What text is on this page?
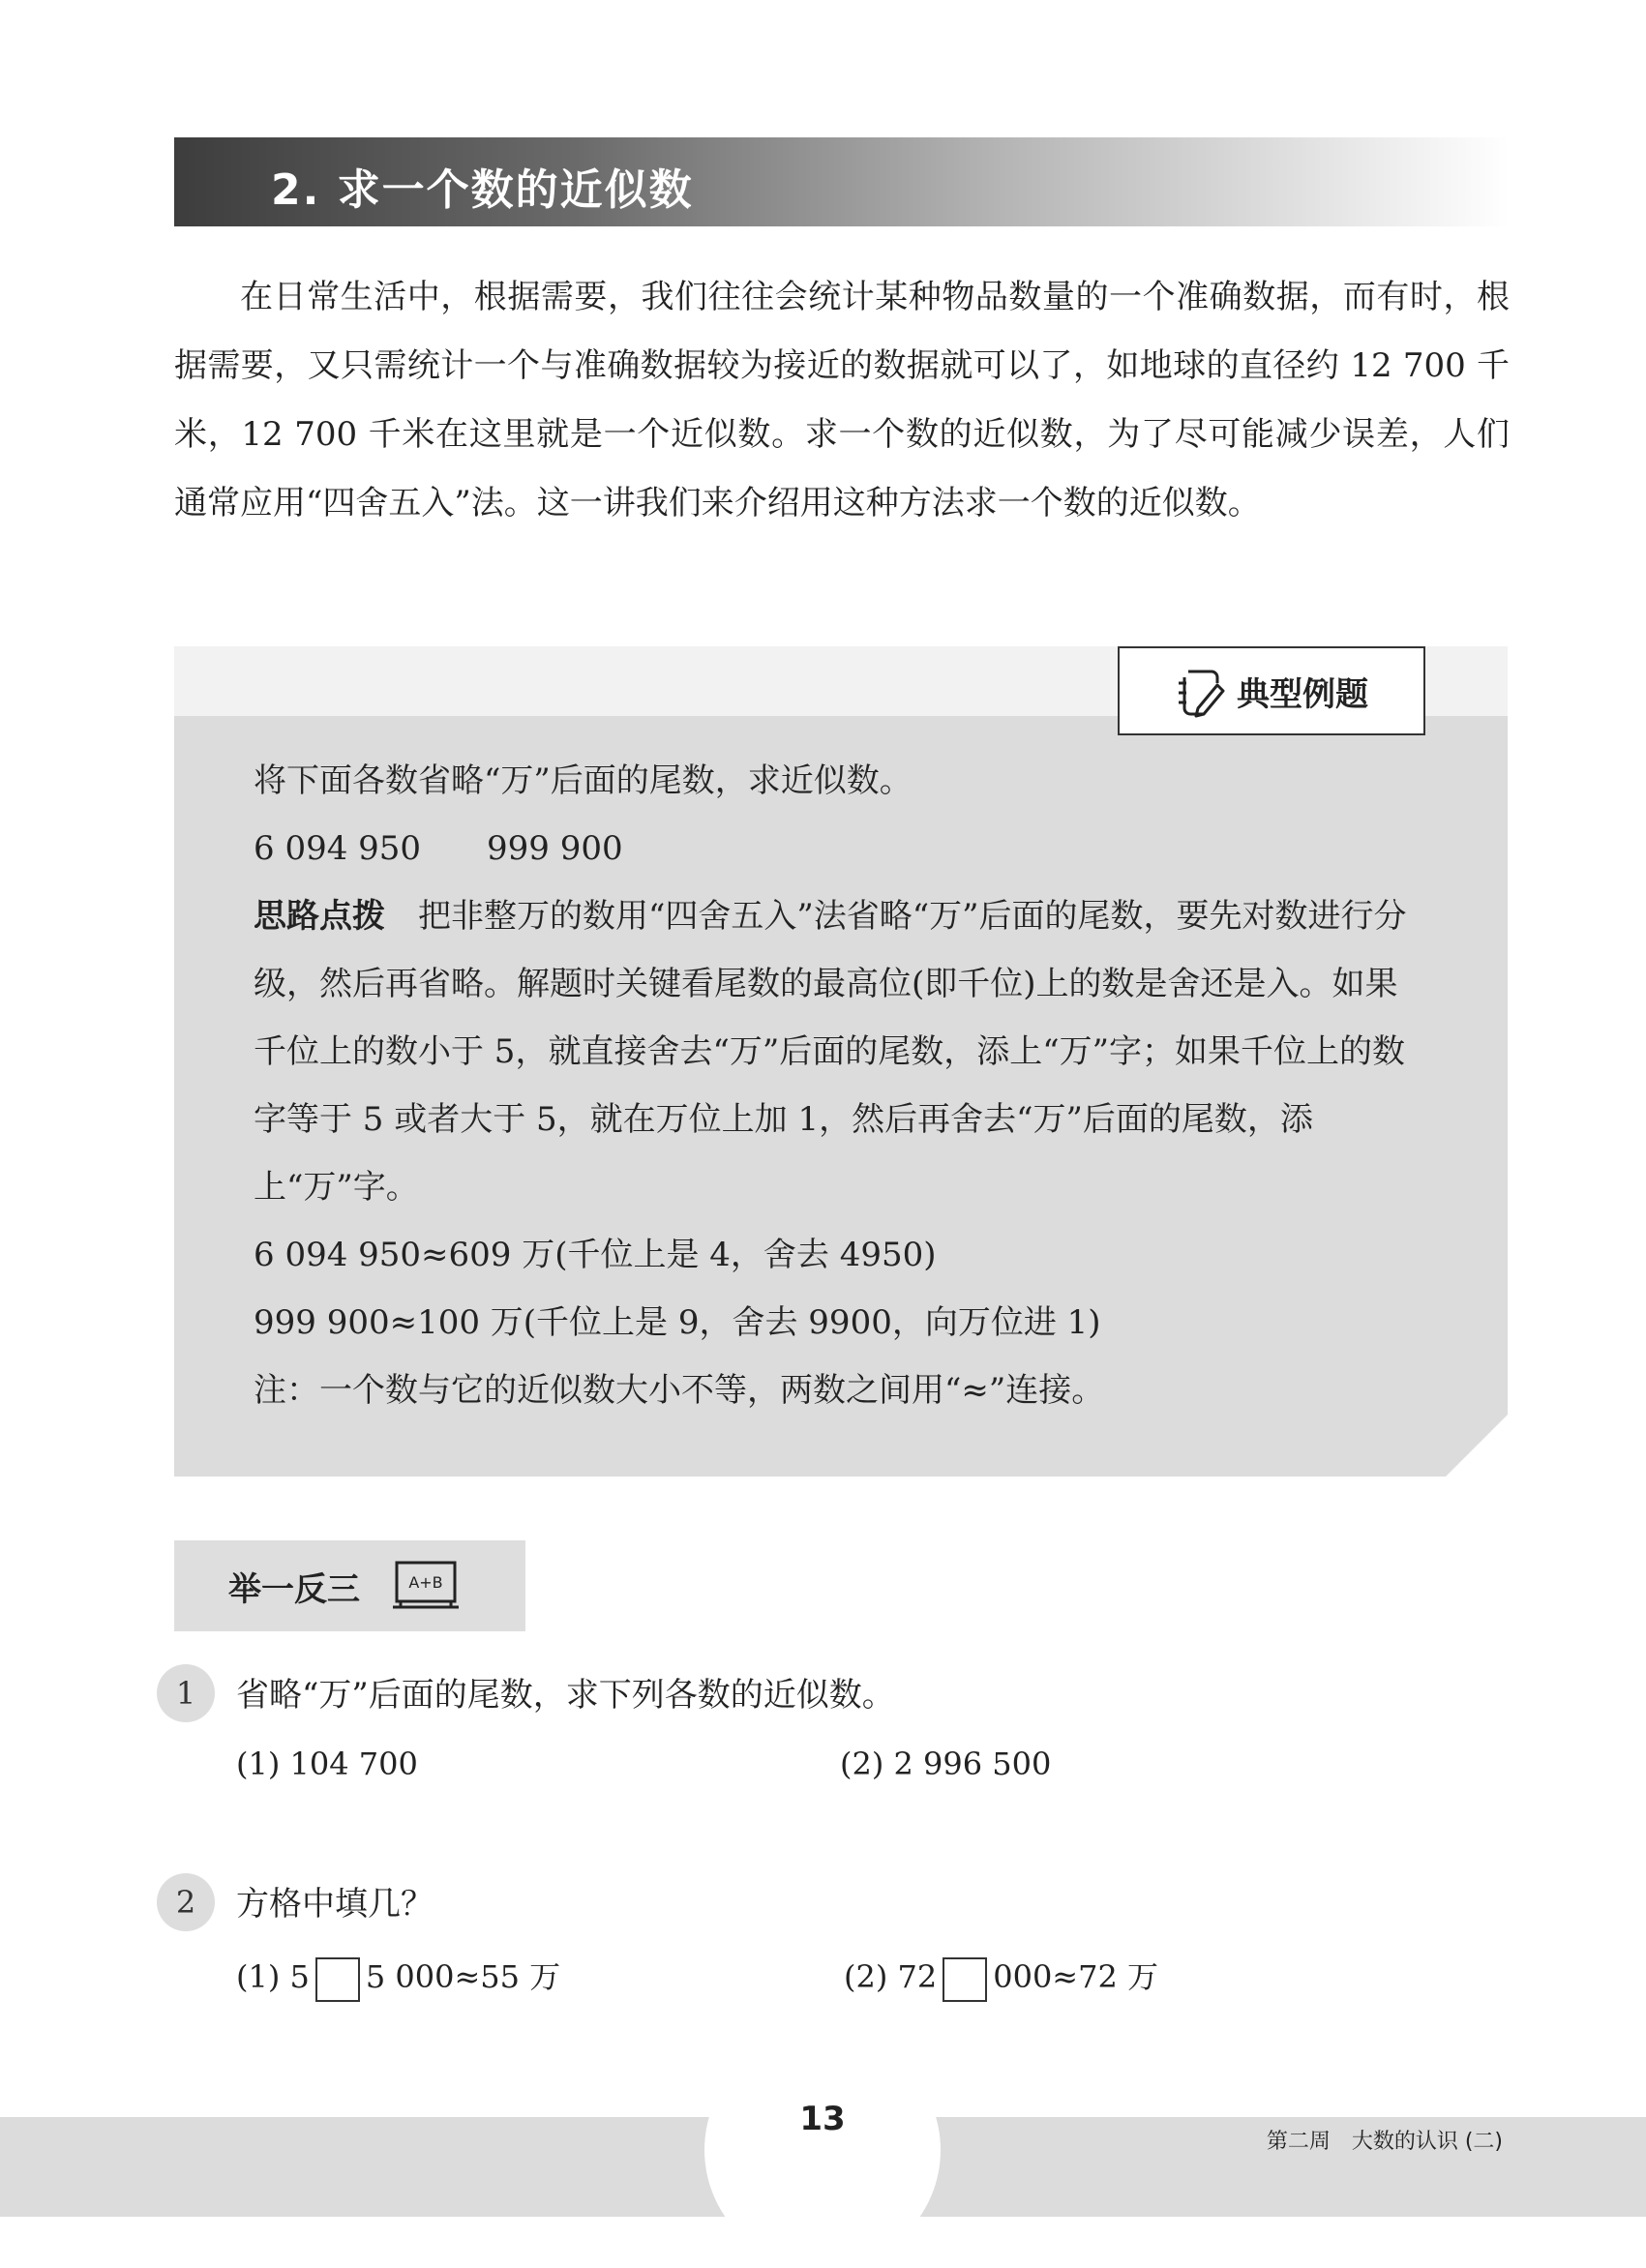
2. 求一个数的近似数

在日常生活中，根据需要，我们往往会统计某种物品数量的一个准确数据，而有时，根据需要，又只需统计一个与准确数据较为接近的数据就可以了，如地球的直径约 12 700 千米，12 700 千米在这里就是一个近似数。求一个数的近似数，为了尽可能减少误差，人们通常应用“四舍五入”法。这一讲我们来介绍用这种方法求一个数的近似数。

典型例题

将下面各数省略“万”后面的尾数，求近似数。

6 094 950　　999 900

思路点拨　把非整万的数用“四舍五入”法省略“万”后面的尾数，要先对数进行分级，然后再省略。解题时关键看尾数的最高位(即千位)上的数是舍还是入。如果千位上的数小于 5，就直接舍去“万”后面的尾数，添上“万”字；如果千位上的数字等于 5 或者大于 5，就在万位上加 1，然后再舍去“万”后面的尾数，添上“万”字。

6 094 950≈609 万(千位上是 4，舍去 4950)

999 900≈100 万(千位上是 9，舍去 9900，向万位进 1)

注：一个数与它的近似数大小不等，两数之间用“≈”连接。

举一反三	A+B
1	省略“万”后面的尾数，求下列各数的近似数。
(1) 104 700	(2) 2 996 500
2	方格中填几？
(1) 5 5 000≈55 万	(2) 72 000≈72 万
13
第二周　大数的认识 (二)
